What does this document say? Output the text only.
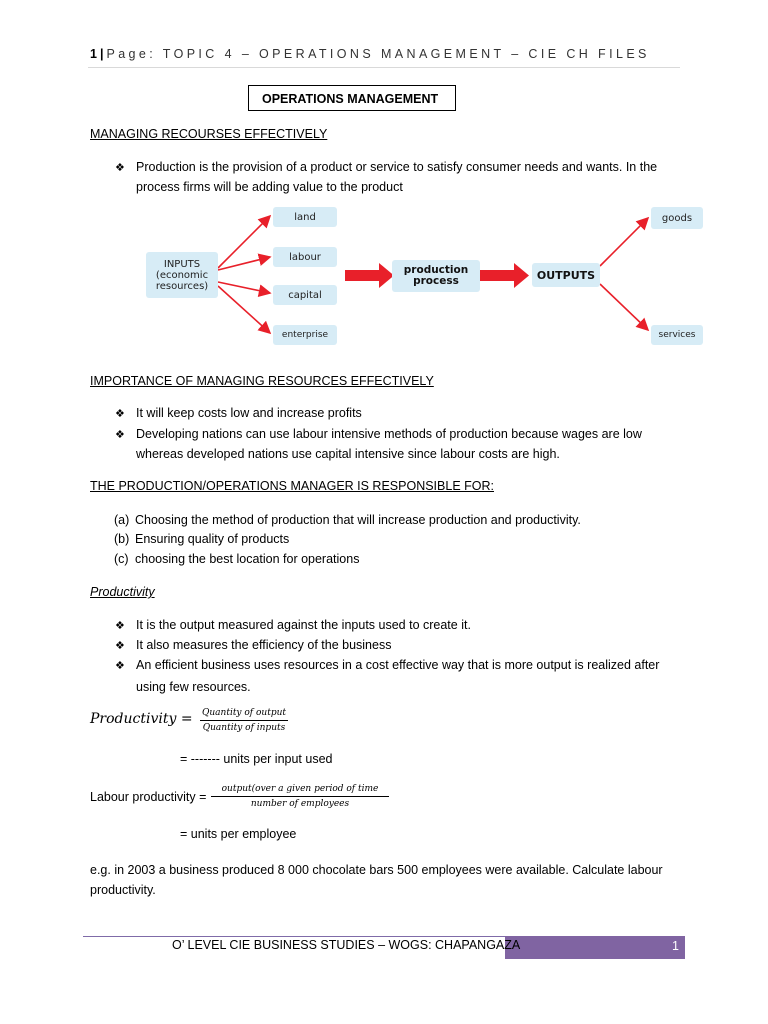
1 | Page: TOPIC 4 – OPERATIONS MANAGEMENT – CIE CH FILES
OPERATIONS MANAGEMENT
MANAGING RECOURSES EFFECTIVELY
❖ Production is the provision of a product or service to satisfy consumer needs and wants. In the
process firms will be adding value to the product
INPUTS
(economic
resources)
land
labour
capital
enterprise
production
process	OUTPUTS
goods
services
IMPORTANCE OF MANAGING RESOURCES EFFECTIVELY
❖ It will keep costs low and increase profits
❖ Developing nations can use labour intensive methods of production because wages are low
whereas developed nations use capital intensive since labour costs are high.
THE PRODUCTION/OPERATIONS MANAGER IS RESPONSIBLE FOR:
(a) Choosing the method of production that will increase production and productivity.
(b) Ensuring quality of products
(c) choosing the best location for operations
Productivity
❖ It is the output measured against the inputs used to create it.
❖ It also measures the efficiency of the business
❖ An efficient business uses resources in a cost effective way that is more output is realized after
using few resources.
Productivity = Quantity of output
Quantity of inputs
= ------- units per input used
Labour productivity =
output(over a given period of time
number of employees
= units per employee
e.g. in 2003 a business produced 8 000 chocolate bars 500 employees were available. Calculate labour
productivity.
O’ LEVEL CIE BUSINESS STUDIES – WOGS: CHAPANGAZA	1
